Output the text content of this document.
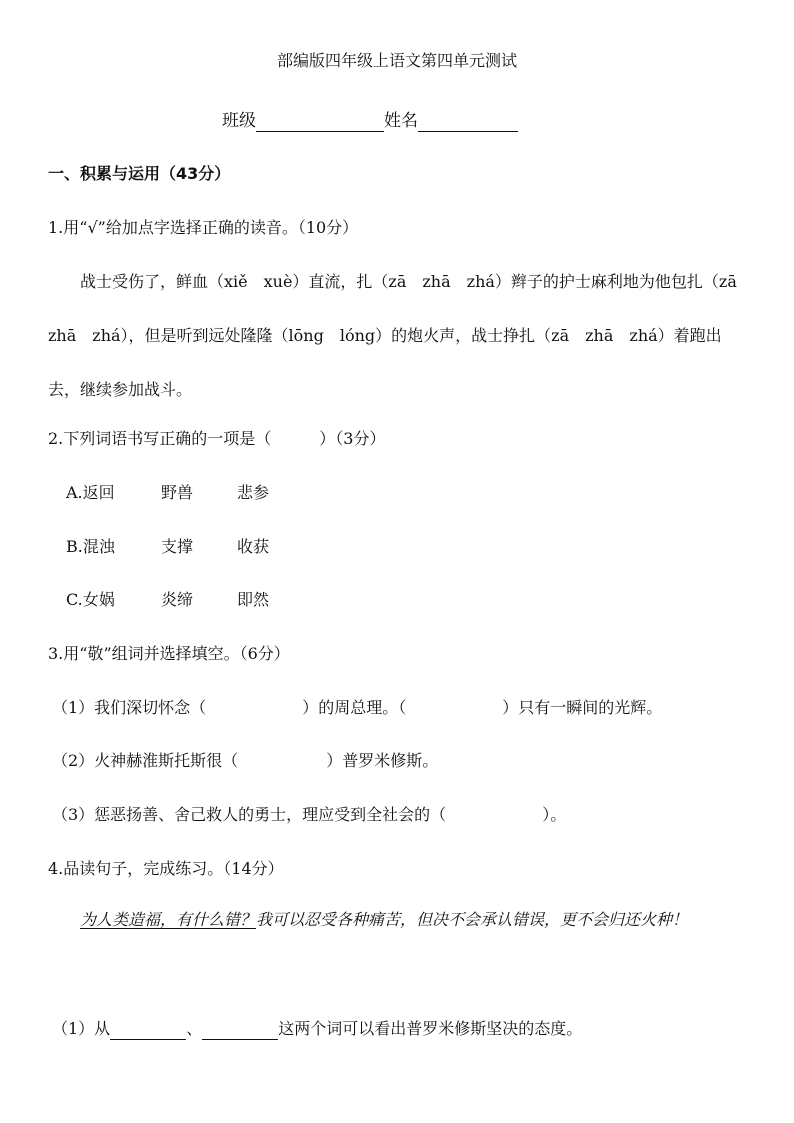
部编版四年级上语文第四单元测试
班级	姓名
一、积累与运用（43分）
1.用“√”给加点字选择正确的读音。（10分）
战士受伤了，鲜血（xiě　xuè）直流，扎（zā　zhā　zhá）辫子的护士麻利地为他包扎（zā　zhā　zhá），但是听到远处隆隆（lōng　lóng）的炮火声，战士挣扎（zā　zhā　zhá）着跑出去，继续参加战斗。
2.下列词语书写正确的一项是（	）（3分）
A.返回	野兽	悲参
B.混浊	支撑	收获
C.女娲	炎缔	即然
3.用“敬”组词并选择填空。（6分）
（1）我们深切怀念（	）的周总理。（	）只有一瞬间的光辉。
（2）火神赫淮斯托斯很（	）普罗米修斯。
（3）惩恶扬善、舍己救人的勇士，理应受到全社会的（	）。
4.品读句子，完成练习。（14分）
为人类造福，有什么错？我可以忍受各种痛苦，但决不会承认错误，更不会归还火种！
（1）从	、	这两个词可以看出普罗米修斯坚决的态度。
